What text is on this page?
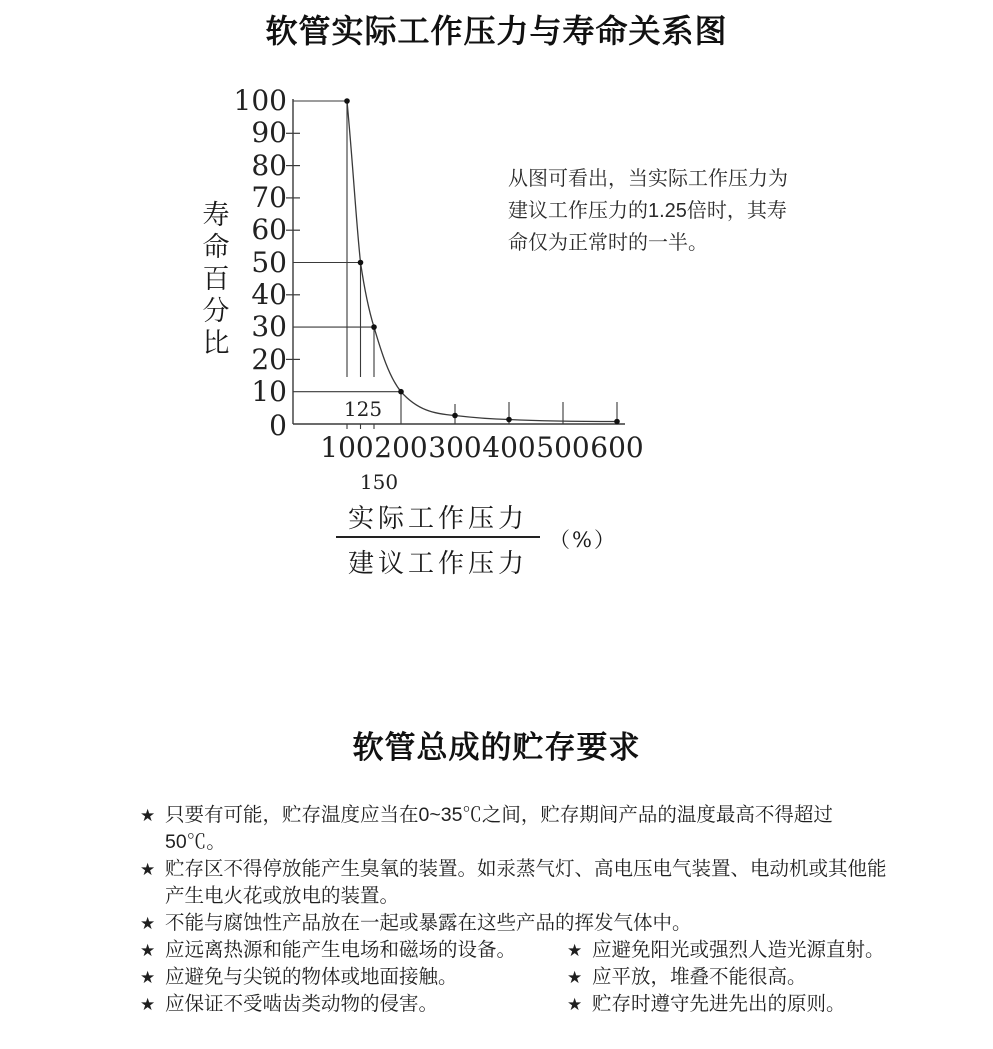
软管实际工作压力与寿命关系图
100
90
80
70
60
50
40
30
20
10
0
100 200 300 400 500 600
125
150
寿命百分比
从图可看出，当实际工作压力为
建议工作压力的1.25倍时，其寿
命仅为正常时的一半。
实际工作压力
建议工作压力
（%）
软管总成的贮存要求
★ 只要有可能，贮存温度应当在0~35℃之间，贮存期间产品的温度最高不得超过50℃。
★ 贮存区不得停放能产生臭氧的装置。如汞蒸气灯、高电压电气装置、电动机或其他能
产生电火花或放电的装置。
★ 不能与腐蚀性产品放在一起或暴露在这些产品的挥发气体中。
★ 应远离热源和能产生电场和磁场的设备。	★ 应避免阳光或强烈人造光源直射。
★ 应避免与尖锐的物体或地面接触。	★ 应平放，堆叠不能很高。
★ 应保证不受啮齿类动物的侵害。	★ 贮存时遵守先进先出的原则。
